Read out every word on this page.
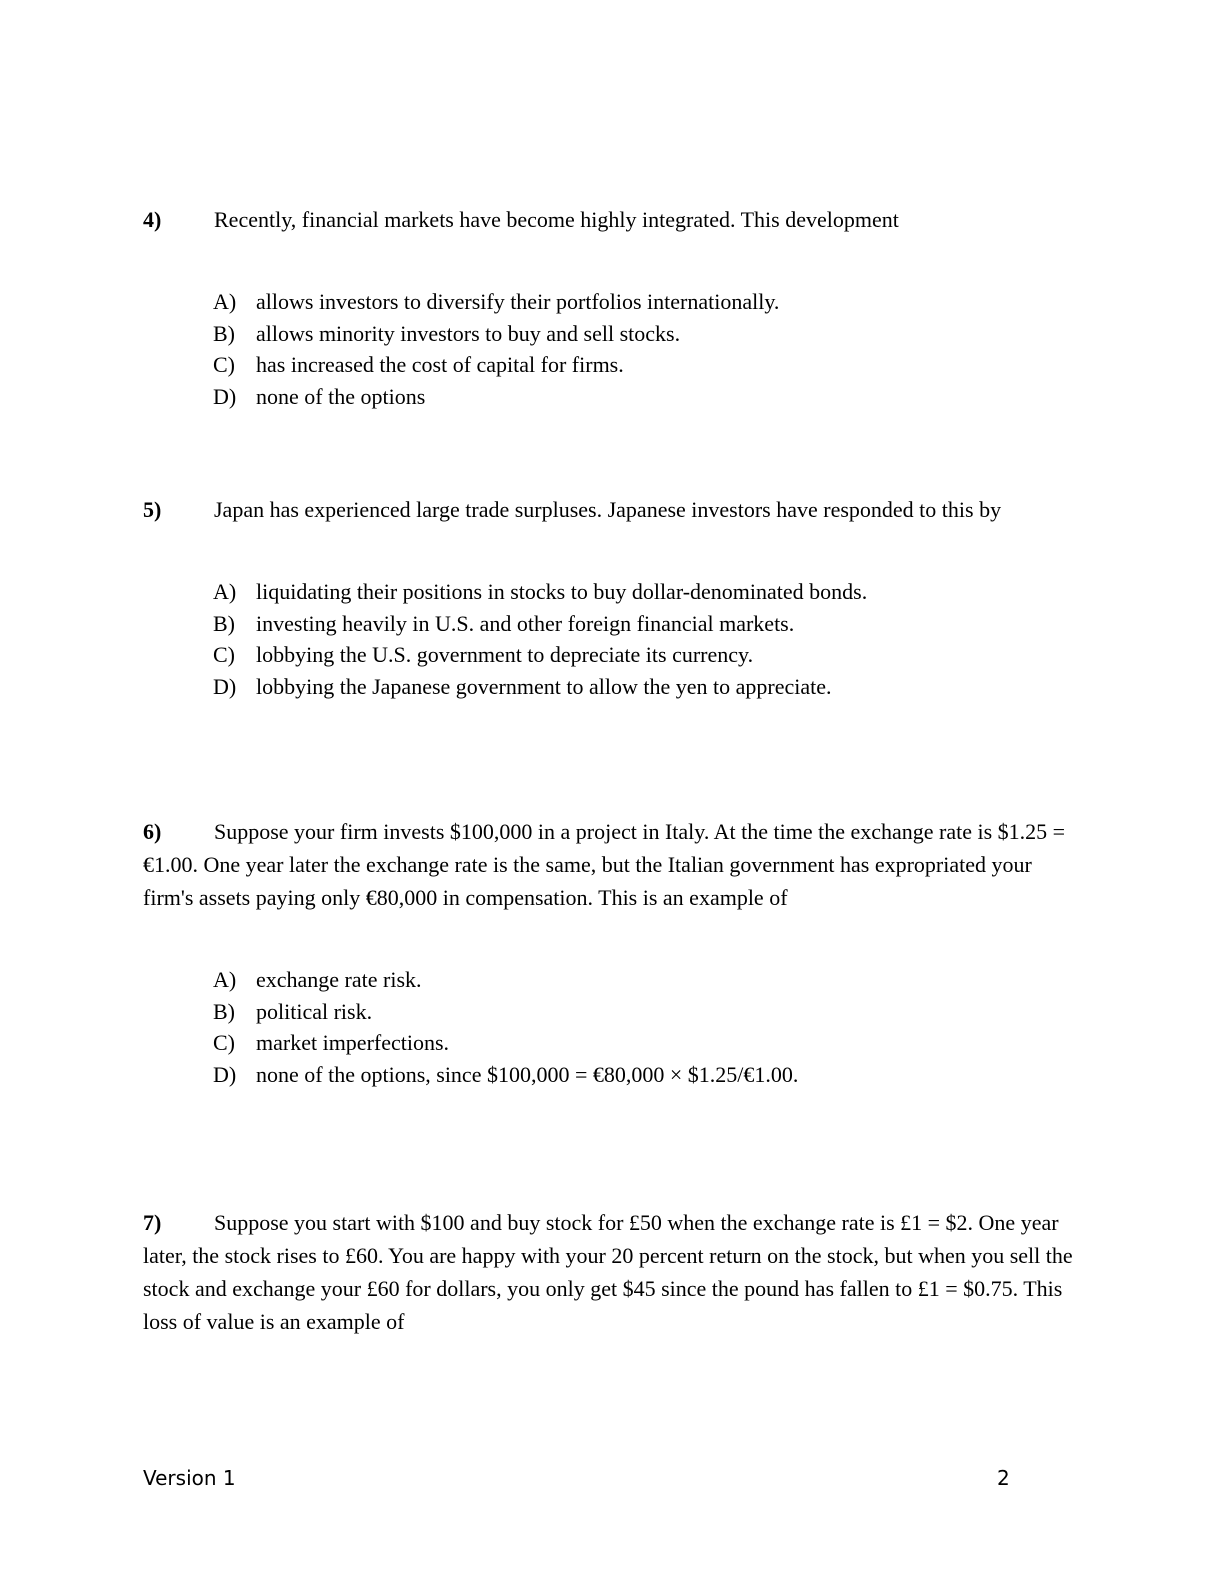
4) Recently, financial markets have become highly integrated. This development
A) allows investors to diversify their portfolios internationally.
B) allows minority investors to buy and sell stocks.
C) has increased the cost of capital for firms.
D) none of the options
5) Japan has experienced large trade surpluses. Japanese investors have responded to this by
A) liquidating their positions in stocks to buy dollar-denominated bonds.
B) investing heavily in U.S. and other foreign financial markets.
C) lobbying the U.S. government to depreciate its currency.
D) lobbying the Japanese government to allow the yen to appreciate.
6) Suppose your firm invests $100,000 in a project in Italy. At the time the exchange rate is $1.25 = €1.00. One year later the exchange rate is the same, but the Italian government has expropriated your firm's assets paying only €80,000 in compensation. This is an example of
A) exchange rate risk.
B) political risk.
C) market imperfections.
D) none of the options, since $100,000 = €80,000 × $1.25/€1.00.
7) Suppose you start with $100 and buy stock for £50 when the exchange rate is £1 = $2. One year later, the stock rises to £60. You are happy with your 20 percent return on the stock, but when you sell the stock and exchange your £60 for dollars, you only get $45 since the pound has fallen to £1 = $0.75. This loss of value is an example of
Version 1	2
